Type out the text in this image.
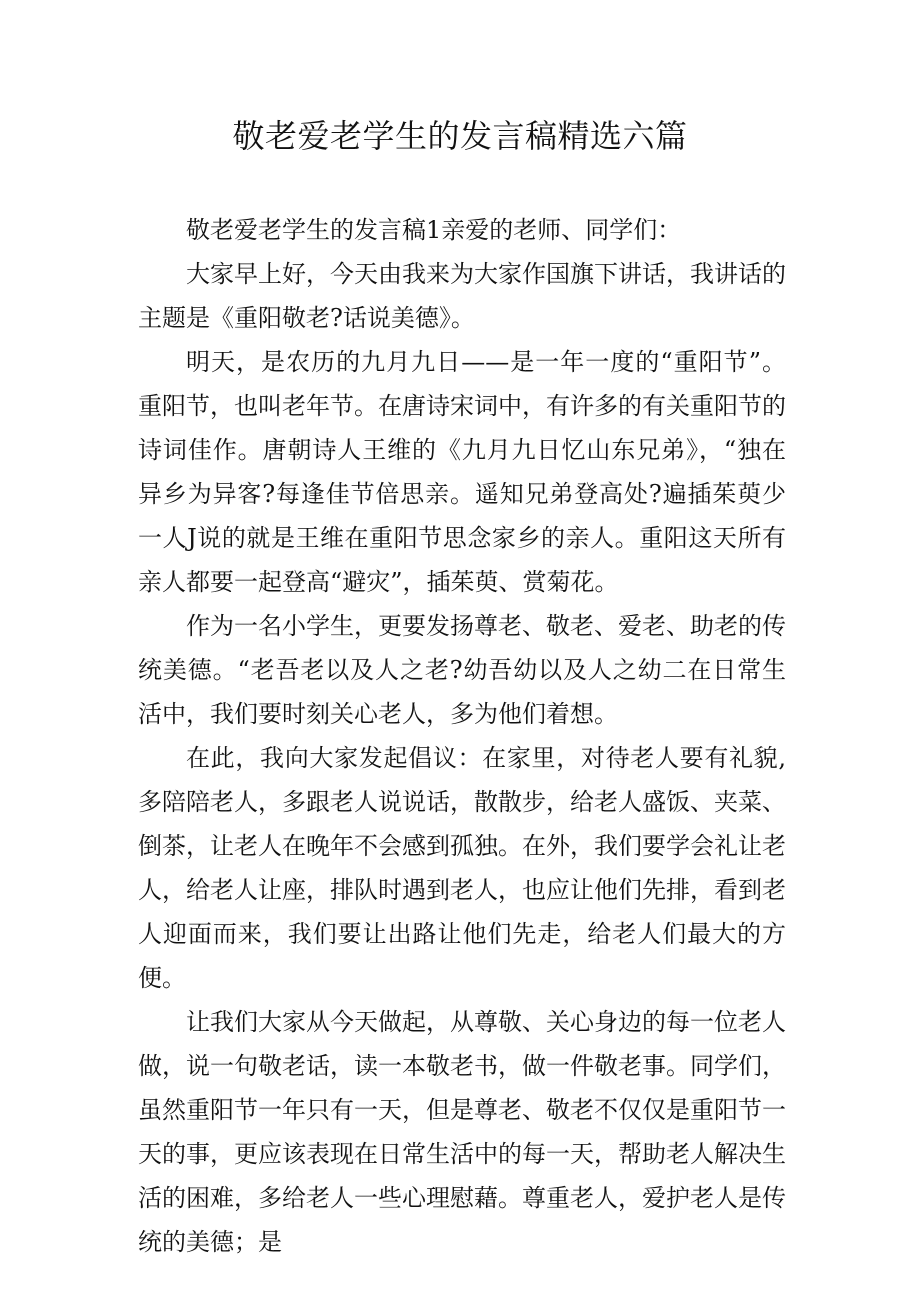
敬老爱老学生的发言稿精选六篇

敬老爱老学生的发言稿1亲爱的老师、同学们：

大家早上好，今天由我来为大家作国旗下讲话，我讲话的主题是《重阳敬老?话说美德》。

明天，是农历的九月九日——是一年一度的“重阳节”。重阳节，也叫老年节。在唐诗宋词中，有许多的有关重阳节的诗词佳作。唐朝诗人王维的《九月九日忆山东兄弟》，“独在异乡为异客?每逢佳节倍思亲。遥知兄弟登高处?遍插茱萸少一人J说的就是王维在重阳节思念家乡的亲人。重阳这天所有亲人都要一起登高“避灾”，插茱萸、赏菊花。

作为一名小学生，更要发扬尊老、敬老、爱老、助老的传统美德。“老吾老以及人之老?幼吾幼以及人之幼二在日常生活中，我们要时刻关心老人，多为他们着想。

在此，我向大家发起倡议：在家里，对待老人要有礼貌,多陪陪老人，多跟老人说说话，散散步，给老人盛饭、夹菜、倒茶，让老人在晚年不会感到孤独。在外，我们要学会礼让老人，给老人让座，排队时遇到老人，也应让他们先排，看到老人迎面而来，我们要让出路让他们先走，给老人们最大的方便。

让我们大家从今天做起，从尊敬、关心身边的每一位老人做，说一句敬老话，读一本敬老书，做一件敬老事。同学们，虽然重阳节一年只有一天，但是尊老、敬老不仅仅是重阳节一天的事，更应该表现在日常生活中的每一天，帮助老人解决生活的困难，多给老人一些心理慰藉。尊重老人，爱护老人是传统的美德；是
